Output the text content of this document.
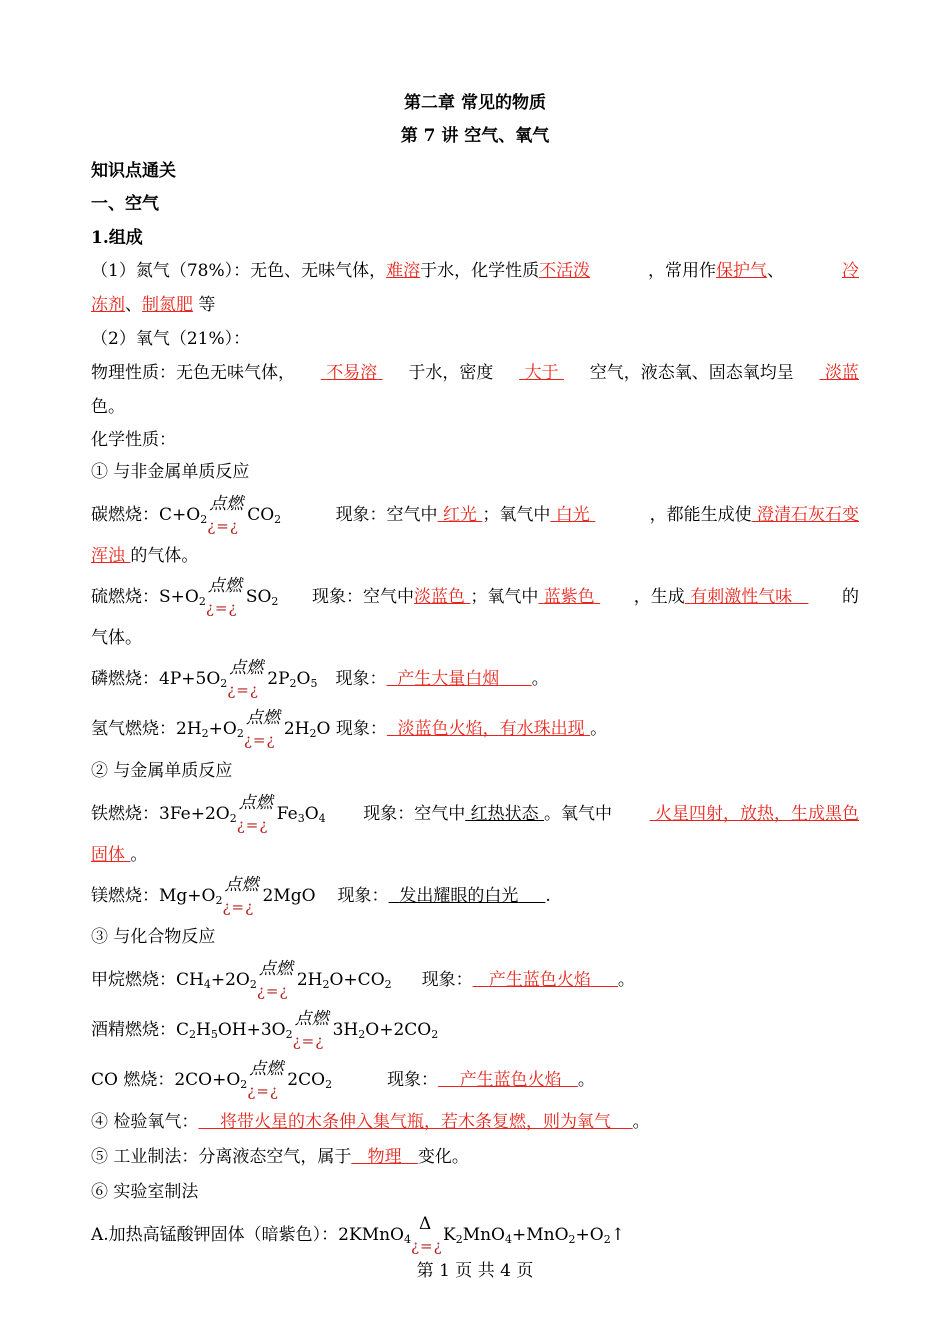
第二章 常见的物质
第 7 讲 空气、氧气
知识点通关
一、空气
1.组成
（1）氮气（78%）：无色、无味气体，难溶于水，化学性质不活泼	，常用作保护气、	冷
冻剂、制氮肥 等
（2）氧气（21%）：
物理性质：无色无味气体，	不易溶	于水，密度	大于	空气，液态氧、固态氧均呈	淡蓝
色。
化学性质：
① 与非金属单质反应
碳燃烧：$C+O_2$
点燃
¿=¿
$CO_2$	现象：空气中 红光 ；氧气中 白光	，都能生成使 澄清石灰石变
浑浊 的气体。
硫燃烧：$S+O_2$
点燃
¿=¿
$SO_2$ 现象：空气中淡蓝色 ；氧气中 蓝紫色	，生成 有刺激性气味	的
气体。
磷燃烧：$4P+5O_2$
点燃
¿=¿
$2P_2O_5$ 现象： 产生大量白烟 。
氢气燃烧：$2H_2+O_2$
点燃
¿=¿
$2H_2O$ 现象： 淡蓝色火焰，有水珠出现 。
② 与金属单质反应
铁燃烧：$3Fe+2O_2$
点燃
¿=¿
$Fe_3O_4$ 现象：空气中 红热状态 。氧气中	火星四射，放热，生成黑色
固体 。
镁燃烧：$Mg+O_2$
点燃
¿=¿
2MgO 现象： 发出耀眼的白光 .
③ 与化合物反应
甲烷燃烧：$CH_4+2O_2$
点燃
¿=¿
$2H_2O+CO_2$ 现象： 产生蓝色火焰 。
酒精燃烧：$C_2H_5OH+3O_2$
点燃
¿=¿
$3H_2O+2CO_2$
CO 燃烧：$2CO+O_2$
点燃
¿=¿
$2CO_2$	现象： 产生蓝色火焰 。
④ 检验氧气： 将带火星的木条伸入集气瓶，若木条复燃，则为氧气 。
⑤ 工业制法：分离液态空气，属于 物理 变化。
⑥ 实验室制法
A.加热高锰酸钾固体（暗紫色）：2KMnO$_4$
Δ
¿=¿
$K_2MnO_4+MnO_2+O_2↑$
第 1 页 共 4 页
